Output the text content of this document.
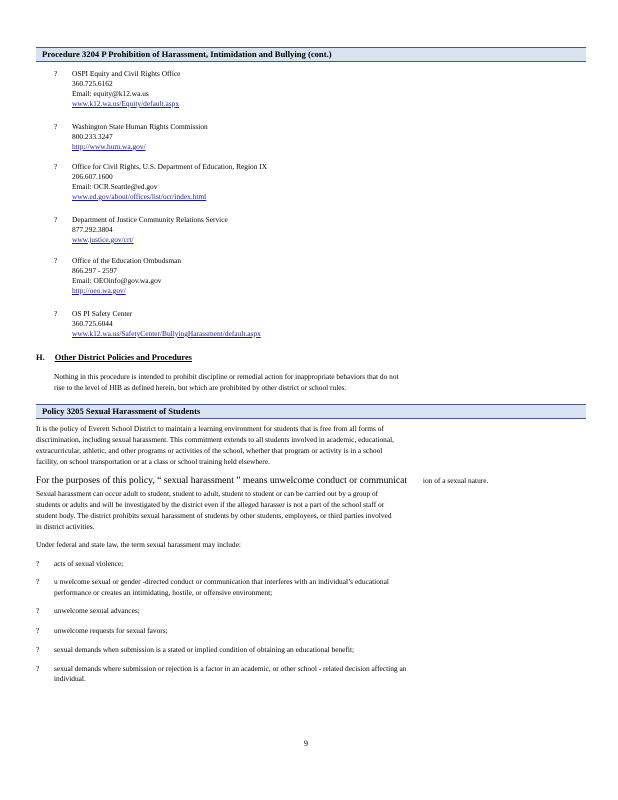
Procedure 3204 P Prohibition of Harassment, Intimidation and Bullying (cont.)
?	OSPI Equity and Civil Rights Office
360.725.6162
Email: equity@k12.wa.us
www.k12.wa.us/Equity/default.aspx
?	Washington State Human Rights Commission
800.233.3247
http://www.hum.wa.gov/
?	Office for Civil Rights, U.S. Department of Education, Region IX
206.607.1600
Email: OCR.Seattle@ed.gov
www.ed.gov/about/offices/list/ocr/index.html
?	Department of Justice Community Relations Service
877.292.3804
www.justice.gov/crt/
?	Office of the Education Ombudsman
866.297 - 2597
Email: OEOinfo@gov.wa.gov
http://oeo.wa.gov/
?	OS PI Safety Center
360.725.6044
www.k12.wa.us/SafetyCenter/BullyingHarassment/default.aspx
H. Other District Policies and Procedures
Nothing in this procedure is intended to prohibit discipline or remedial action for inappropriate behaviors that do not
rise to the level of HIB as defined herein, but which are prohibited by other district or school rules.
Policy 3205 Sexual Harassment of Students
It is the policy of Everett School District to maintain a learning environment for students that is free from all forms of
discrimination, including sexual harassment. This commitment extends to all students involved in academic, educational,
extracurricular, athletic, and other programs or activities of the school, whether that program or activity is in a school
facility, on school transportation or at a class or school training held elsewhere.
For the purposes of this policy, “ sexual harassment ” means unwelcome conduct or communicat ion of a sexual nature.
Sexual harassment can occur adult to student, student to adult, student to student or can be carried out by a group of
students or adults and will be investigated by the district even if the alleged harasser is not a part of the school staff or
student body. The district prohibits sexual harassment of students by other students, employees, or third parties involved
in district activities.
Under federal and state law, the term sexual harassment may include:
? acts of sexual violence;
? u nwelcome sexual or gender -directed conduct or communication that interferes with an individual’s educational
performance or creates an intimidating, hostile, or offensive environment;
? unwelcome sexual advances;
? unwelcome requests for sexual favors;
? sexual demands when submission is a stated or implied condition of obtaining an educational benefit;
? sexual demands where submission or rejection is a factor in an academic, or other school - related decision affecting an
individual.
9
